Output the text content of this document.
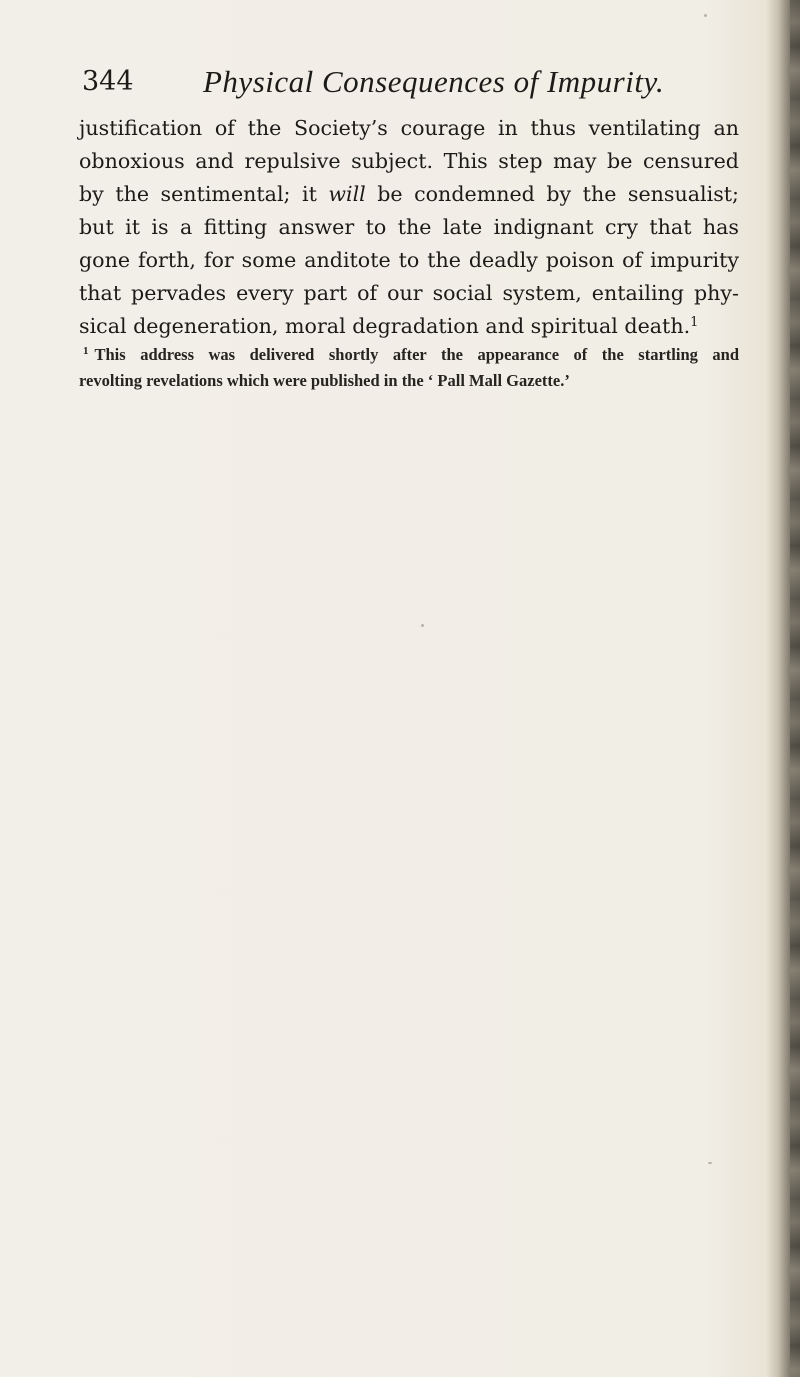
344 Physical Consequences of Impurity.
justification of the Society’s courage in thus ventilating an
obnoxious and repulsive subject. This step may be censured
by the sentimental; it will be condemned by the sensualist;
but it is a fitting answer to the late indignant cry that has
gone forth, for some anditote to the deadly poison of impurity
that pervades every part of our social system, entailing phy-
sical degeneration, moral degradation and spiritual death.$^1$
$^1$ This address was delivered shortly after the appearance of the startling and
revolting revelations which were published in the ‘ Pall Mall Gazette.’
